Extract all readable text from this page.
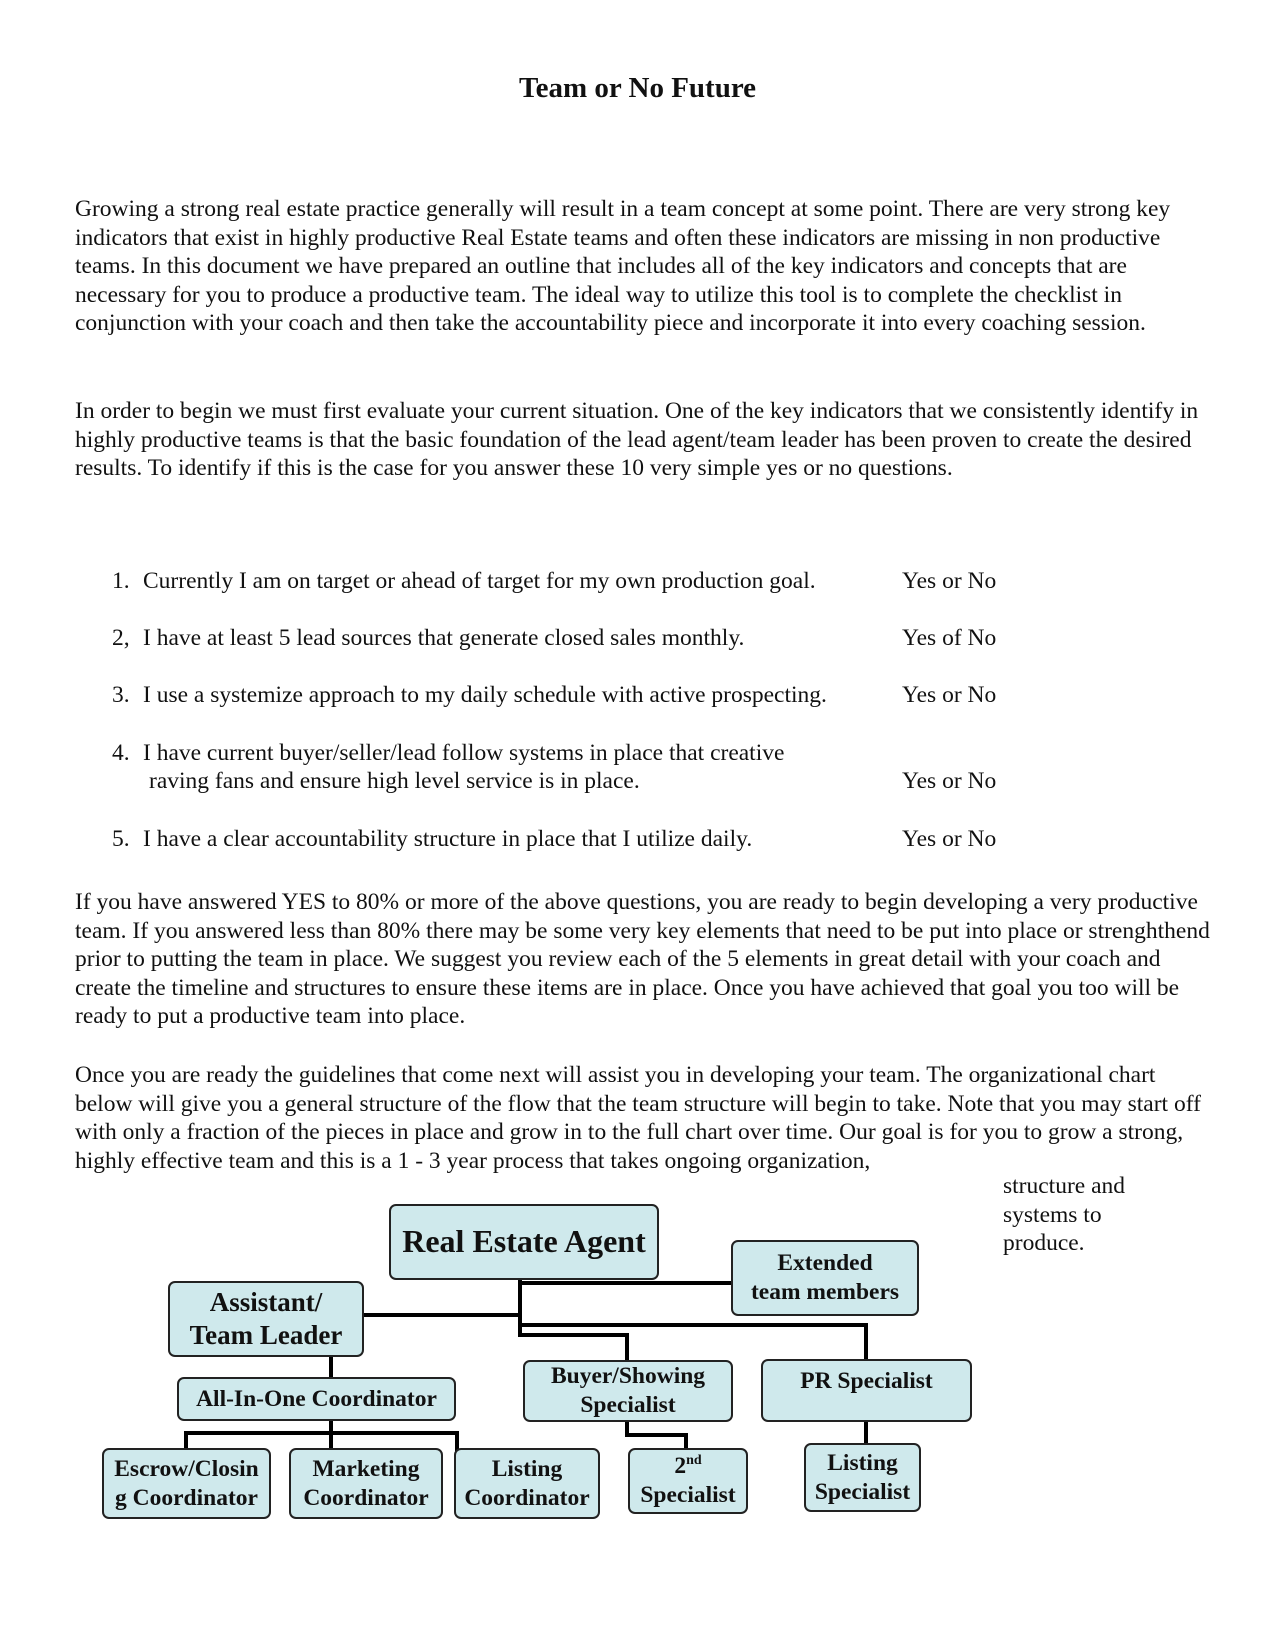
Team or No Future

Growing a strong real estate practice generally will result in a team concept at some point. There are very strong key indicators that exist in highly productive Real Estate teams and often these indicators are missing in non productive teams. In this document we have prepared an outline that includes all of the key indicators and concepts that are necessary for you to produce a productive team. The ideal way to utilize this tool is to complete the checklist in conjunction with your coach and then take the accountability piece and incorporate it into every coaching session.

In order to begin we must first evaluate your current situation. One of the key indicators that we consistently identify in highly productive teams is that the basic foundation of the lead agent/team leader has been proven to create the desired results. To identify if this is the case for you answer these 10 very simple yes or no questions.

1. Currently I am on target or ahead of target for my own production goal.	Yes or No
2, I have at least 5 lead sources that generate closed sales monthly.	Yes of No
3. I use a systemize approach to my daily schedule with active prospecting.	Yes or No
4. I have current buyer/seller/lead follow systems in place that creative
raving fans and ensure high level service is in place.	Yes or No
5. I have a clear accountability structure in place that I utilize daily.	Yes or No

If you have answered YES to 80% or more of the above questions, you are ready to begin developing a very productive team. If you answered less than 80% there may be some very key elements that need to be put into place or strenghthend prior to putting the team in place. We suggest you review each of the 5 elements in great detail with your coach and create the timeline and structures to ensure these items are in place. Once you have achieved that goal you too will be ready to put a productive team into place.

Once you are ready the guidelines that come next will assist you in developing your team. The organizational chart below will give you a general structure of the flow that the team structure will begin to take. Note that you may start off with only a fraction of the pieces in place and grow in to the full chart over time. Our goal is for you to grow a strong, highly effective team and this is a 1 - 3 year process that takes ongoing organization,

structure and systems to produce.
Real Estate Agent
Extended
team members
Assistant/
Team Leader
All-In-One Coordinator
Buyer/Showing
Specialist
PR Specialist
Escrow/Closin
g Coordinator
Marketing
Coordinator
Listing
Coordinator
2nd
Specialist
Listing
Specialist
